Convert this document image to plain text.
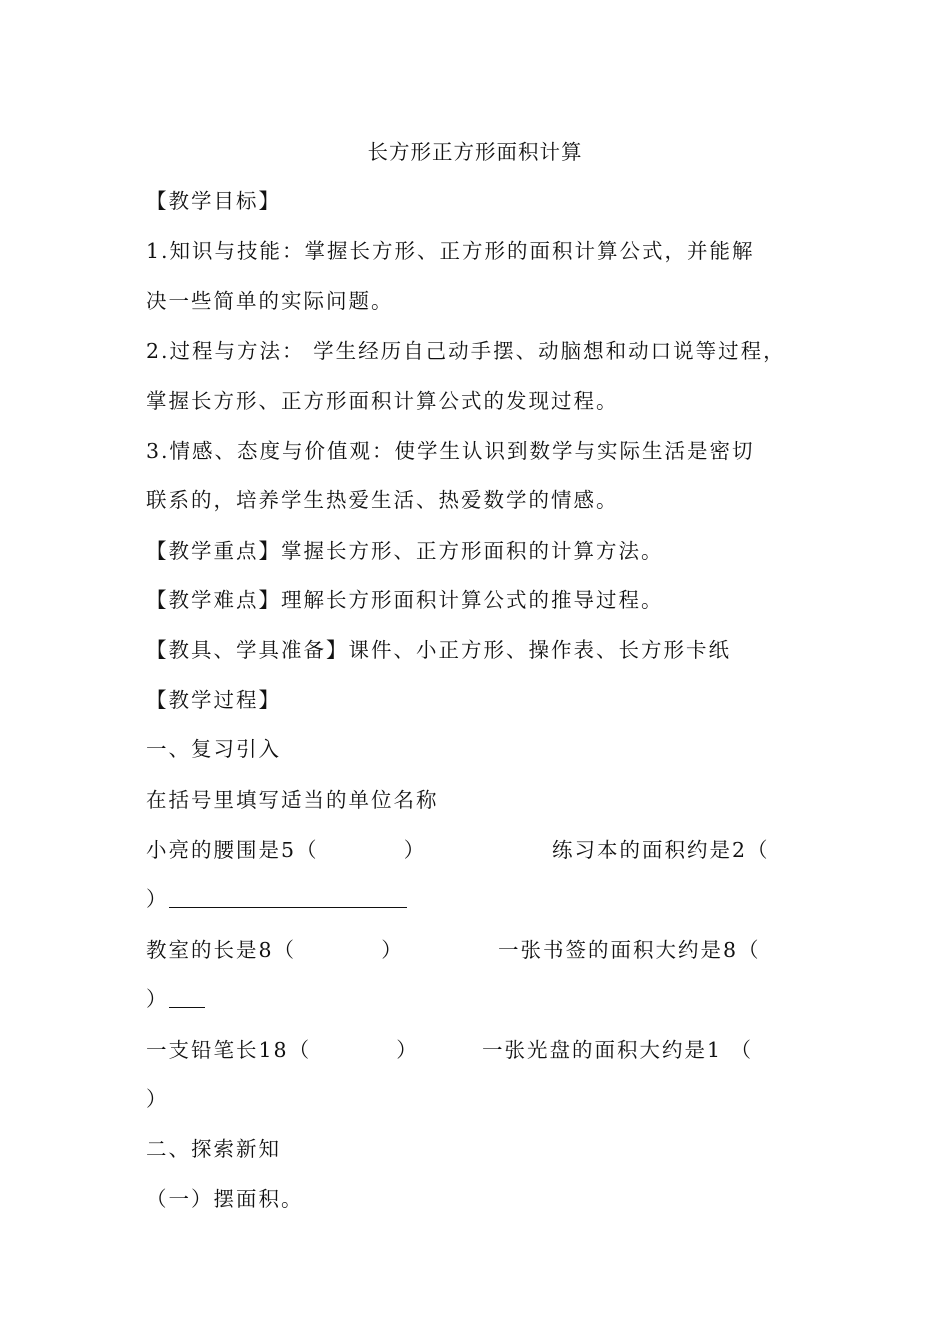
长方形正方形面积计算
【教学目标】
1.知识与技能：掌握长方形、正方形的面积计算公式，并能解
决一些简单的实际问题。
2.过程与方法： 学生经历自己动手摆、动脑想和动口说等过程，
掌握长方形、正方形面积计算公式的发现过程。
3.情感、态度与价值观：使学生认识到数学与实际生活是密切
联系的，培养学生热爱生活、热爱数学的情感。
【教学重点】掌握长方形、正方形面积的计算方法。
【教学难点】理解长方形面积计算公式的推导过程。
【教具、学具准备】课件、小正方形、操作表、长方形卡纸
【教学过程】
一、复习引入
在括号里填写适当的单位名称
小亮的腰围是5（          ）	练习本的面积约是2（
）
教室的长是8（          ）	一张书签的面积大约是8（
）
一支铅笔长18（          ）	一张光盘的面积大约是1 （
）
二、探索新知
（一）摆面积。
